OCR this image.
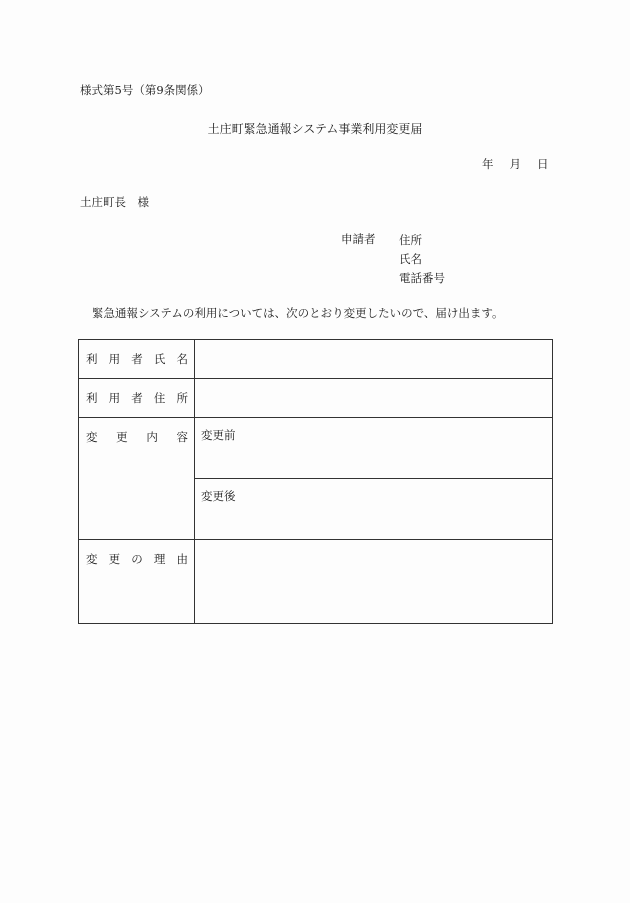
様式第5号（第9条関係）
土庄町緊急通報システム事業利用変更届
年 月 日
土庄町長　様
申請者 住所
氏名
電話番号
緊急通報システムの利用については、次のとおり変更したいので、届け出ます。
利 用 者 氏 名	

利 用 者 住 所	

変 更 内 容	変更前

	変更後

変 更 の 理 由	
